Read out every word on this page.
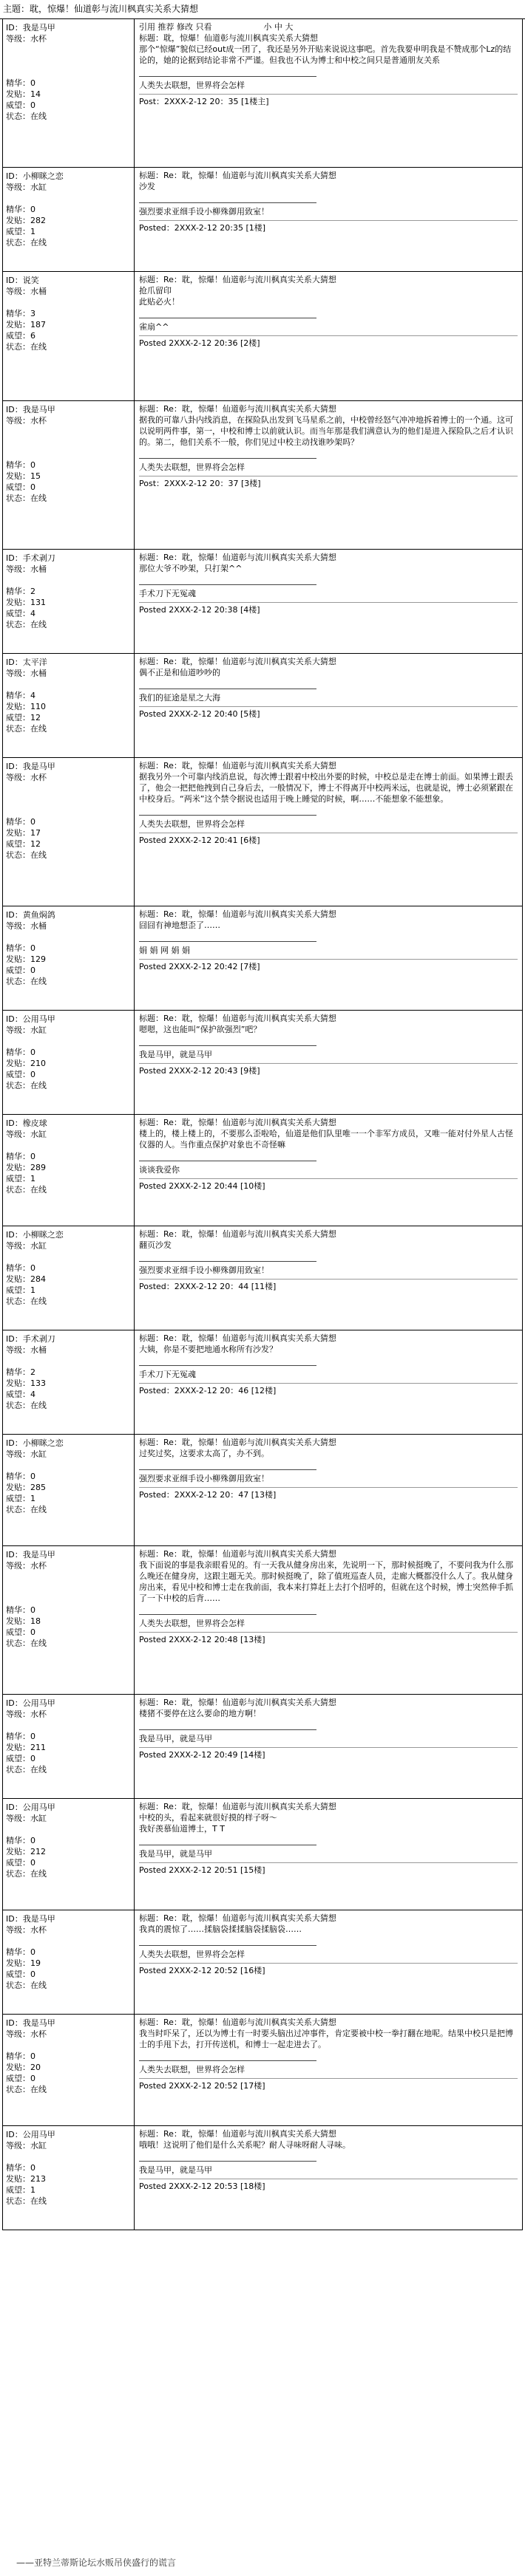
主题：耽，惊爆！仙道彰与流川枫真实关系大猜想
ID：我是马甲
等级：水杯
精华：0
发贴：14
威望：0
状态：在线
引用 推荐 修改 只看                    小 中 大
标题：耽，惊爆！仙道彰与流川枫真实关系大猜想
那个“惊爆”貌似已经out成一团了，我还是另外开贴来说说这事吧。首先我要申明我是不赞成那个Lz的结论的，她的论据到结论非常不严谨。但我也不认为博士和中校之间只是普通朋友关系
人类失去联想，世界将会怎样
Post：2XXX-2-12 20：35 [1楼主]
ID：小柳眯之恋
等级：水缸
精华：0
发贴：282
威望：1
状态：在线
标题：Re：耽，惊爆！仙道彰与流川枫真实关系大猜想
沙发
强烈要求亚细手设小柳殊御用致室！
Posted：2XXX-2-12 20:35 [1楼]
ID：说笑
等级：水桶
精华：3
发贴：187
威望：6
状态：在线
标题：Re：耽，惊爆！仙道彰与流川枫真实关系大猜想
抢爪留印
此贴必火！
雀扇^^
Posted 2XXX-2-12 20:36 [2楼]
ID：我是马甲
等级：水杯
精华：0
发贴：15
威望：0
状态：在线
标题：Re：耽，惊爆！仙道彰与流川枫真实关系大猜想
据我的可靠八卦内线消息，在探险队出发到飞马星系之前，中校曾经怒气冲冲地拆着博士的一个通。这可以说明两件事，第一，中校和博士以前就认识。而当年那是我们满意认为的他们是进入探险队之后才认识的。第二，他们关系不一般，你们见过中校主动找谁吵架吗？
人类失去联想，世界将会怎样
Post：2XXX-2-12 20：37 [3楼]
ID：手术剥刀
等级：水桶
精华：2
发贴：131
威望：4
状态：在线
标题：Re：耽，惊爆！仙道彰与流川枫真实关系大猜想
那位大爷不吵架，只打架^^
手术刀下无冤魂
Posted 2XXX-2-12 20:38 [4楼]
ID：太平洋
等级：水桶
精华：4
发贴：110
威望：12
状态：在线
标题：Re：耽，惊爆！仙道彰与流川枫真实关系大猜想
偶不正是和仙道吵吵的
我们的征途是星之大海
Posted 2XXX-2-12 20:40 [5楼]
ID：我是马甲
等级：水杯
精华：0
发贴：17
威望：12
状态：在线
标题：Re：耽，惊爆！仙道彰与流川枫真实关系大猜想
据我另外一个可靠内线消息说，每次博士跟着中校出外要的时候，中校总是走在博士前面。如果博士跟丢了，他会一把把他拽到自己身后去，一般情况下，博士不得离开中校两米远，也就是说，博士必须紧跟在中校身后。“两米”这个禁令据说也适用于晚上睡觉的时候，啊……不能想象不能想象。
人类失去联想，世界将会怎样
Posted 2XXX-2-12 20:41 [6楼]
ID：黄鱼焖鸽
等级：水桶
精华：0
发贴：129
威望：0
状态：在线
标题：Re：耽，惊爆！仙道彰与流川枫真实关系大猜想
囧囧有神地想歪了……
娟 娟 网 娟 娟
Posted 2XXX-2-12 20:42 [7楼]
ID：公用马甲
等级：水缸
精华：0
发贴：210
威望：0
状态：在线
标题：Re：耽，惊爆！仙道彰与流川枫真实关系大猜想
嗯嗯，这也能叫“保护欲强烈”吧？
我是马甲，就是马甲
Posted 2XXX-2-12 20:43 [9楼]
ID：橡皮球
等级：水缸
精华：0
发贴：289
威望：1
状态：在线
标题：Re：耽，惊爆！仙道彰与流川枫真实关系大猜想
楼上的，楼上楼上的，不要那么歪啦哈，仙道是他们队里唯一一个非军方成员，又唯一能对付外星人古怪仪器的人。当作重点保护对象也不奇怪嘛
谈谈我爱你
Posted 2XXX-2-12 20:44 [10楼]
ID：小柳眯之恋
等级：水缸
精华：0
发贴：284
威望：1
状态：在线
标题：Re：耽，惊爆！仙道彰与流川枫真实关系大猜想
翻页沙发
强烈要求亚细手设小柳殊御用致室！
Posted：2XXX-2-12 20：44 [11楼]
ID：手术剥刀
等级：水桶
精华：2
发贴：133
威望：4
状态：在线
标题：Re：耽，惊爆！仙道彰与流川枫真实关系大猜想
大姨，你是不要把地通水称所有沙发？
手术刀下无冤魂
Posted：2XXX-2-12 20：46 [12楼]
ID：小柳眯之恋
等级：水缸
精华：0
发贴：285
威望：1
状态：在线
标题：Re：耽，惊爆！仙道彰与流川枫真实关系大猜想
过奖过奖，这要求太高了，办不到。
强烈要求亚细手设小柳殊御用致室！
Posted：2XXX-2-12 20：47 [13楼]
ID：我是马甲
等级：水杯
精华：0
发贴：18
威望：0
状态：在线
标题：Re：耽，惊爆！仙道彰与流川枫真实关系大猜想
我下面说的事是我亲眼看见的。有一天我从健身房出来，先说明一下，那时候挺晚了，不要问我为什么那么晚还在健身房，这跟主题无关。那时候挺晚了，除了值班巡查人员，走廊大概都没什么人了。我从健身房出来，看见中校和博士走在我前面，我本来打算赶上去打个招呼的，但就在这个时候，博士突然伸手抓了一下中校的后背……
人类失去联想，世界将会怎样
Posted 2XXX-2-12 20:48 [13楼]
ID：公用马甲
等级：水杯
精华：0
发贴：211
威望：0
状态：在线
标题：Re：耽，惊爆！仙道彰与流川枫真实关系大猜想
楼猪不要停在这么要命的地方啊！
我是马甲，就是马甲
Posted 2XXX-2-12 20:49 [14楼]
ID：公用马甲
等级：水缸
精华：0
发贴：212
威望：0
状态：在线
标题：Re：耽，惊爆！仙道彰与流川枫真实关系大猜想
中校的头，看起来就很好摸的样子呀～
我好羡慕仙道博士，T T
我是马甲，就是马甲
Posted 2XXX-2-12 20:51 [15楼]
ID：我是马甲
等级：水杯
精华：0
发贴：19
威望：0
状态：在线
标题：Re：耽，惊爆！仙道彰与流川枫真实关系大猜想
我真的震惊了……揉脑袋揉揉脑袋揉脑袋……
人类失去联想，世界将会怎样
Posted 2XXX-2-12 20:52 [16楼]
ID：我是马甲
等级：水杯
精华：0
发贴：20
威望：0
状态：在线
标题：Re：耽，惊爆！仙道彰与流川枫真实关系大猜想
我当时吓呆了，还以为博士有一时要头脑出过冲事件，肯定要被中校一拳打翻在地呢。结果中校只是把博士的手甩下去，打开传送机，和博士一起走进去了。
人类失去联想，世界将会怎样
Posted 2XXX-2-12 20:52 [17楼]
ID：公用马甲
等级：水缸
精华：0
发贴：213
威望：1
状态：在线
标题：Re：耽，惊爆！仙道彰与流川枫真实关系大猜想
哦哦！这说明了他们是什么关系呢？耐人寻味呀耐人寻味。
我是马甲，就是马甲
Posted 2XXX-2-12 20:53 [18楼]
——亚特兰蒂斯论坛水贩吊侠盛行的谎言
